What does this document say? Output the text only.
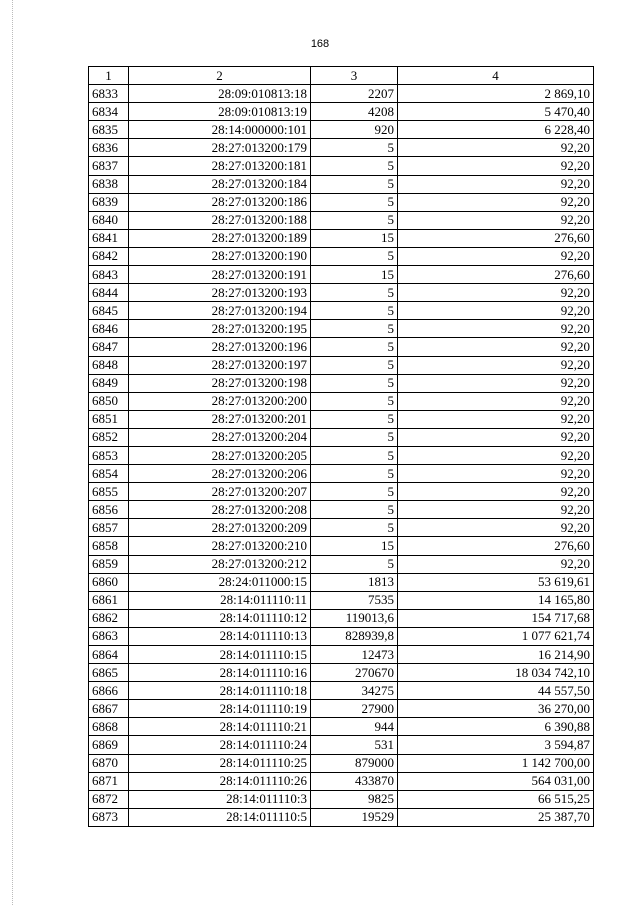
168
1	2	3	4
6833	28:09:010813:18	2207	2 869,10
6834	28:09:010813:19	4208	5 470,40
6835	28:14:000000:101	920	6 228,40
6836	28:27:013200:179	5	92,20
6837	28:27:013200:181	5	92,20
6838	28:27:013200:184	5	92,20
6839	28:27:013200:186	5	92,20
6840	28:27:013200:188	5	92,20
6841	28:27:013200:189	15	276,60
6842	28:27:013200:190	5	92,20
6843	28:27:013200:191	15	276,60
6844	28:27:013200:193	5	92,20
6845	28:27:013200:194	5	92,20
6846	28:27:013200:195	5	92,20
6847	28:27:013200:196	5	92,20
6848	28:27:013200:197	5	92,20
6849	28:27:013200:198	5	92,20
6850	28:27:013200:200	5	92,20
6851	28:27:013200:201	5	92,20
6852	28:27:013200:204	5	92,20
6853	28:27:013200:205	5	92,20
6854	28:27:013200:206	5	92,20
6855	28:27:013200:207	5	92,20
6856	28:27:013200:208	5	92,20
6857	28:27:013200:209	5	92,20
6858	28:27:013200:210	15	276,60
6859	28:27:013200:212	5	92,20
6860	28:24:011000:15	1813	53 619,61
6861	28:14:011110:11	7535	14 165,80
6862	28:14:011110:12	119013,6	154 717,68
6863	28:14:011110:13	828939,8	1 077 621,74
6864	28:14:011110:15	12473	16 214,90
6865	28:14:011110:16	270670	18 034 742,10
6866	28:14:011110:18	34275	44 557,50
6867	28:14:011110:19	27900	36 270,00
6868	28:14:011110:21	944	6 390,88
6869	28:14:011110:24	531	3 594,87
6870	28:14:011110:25	879000	1 142 700,00
6871	28:14:011110:26	433870	564 031,00
6872	28:14:011110:3	9825	66 515,25
6873	28:14:011110:5	19529	25 387,70
